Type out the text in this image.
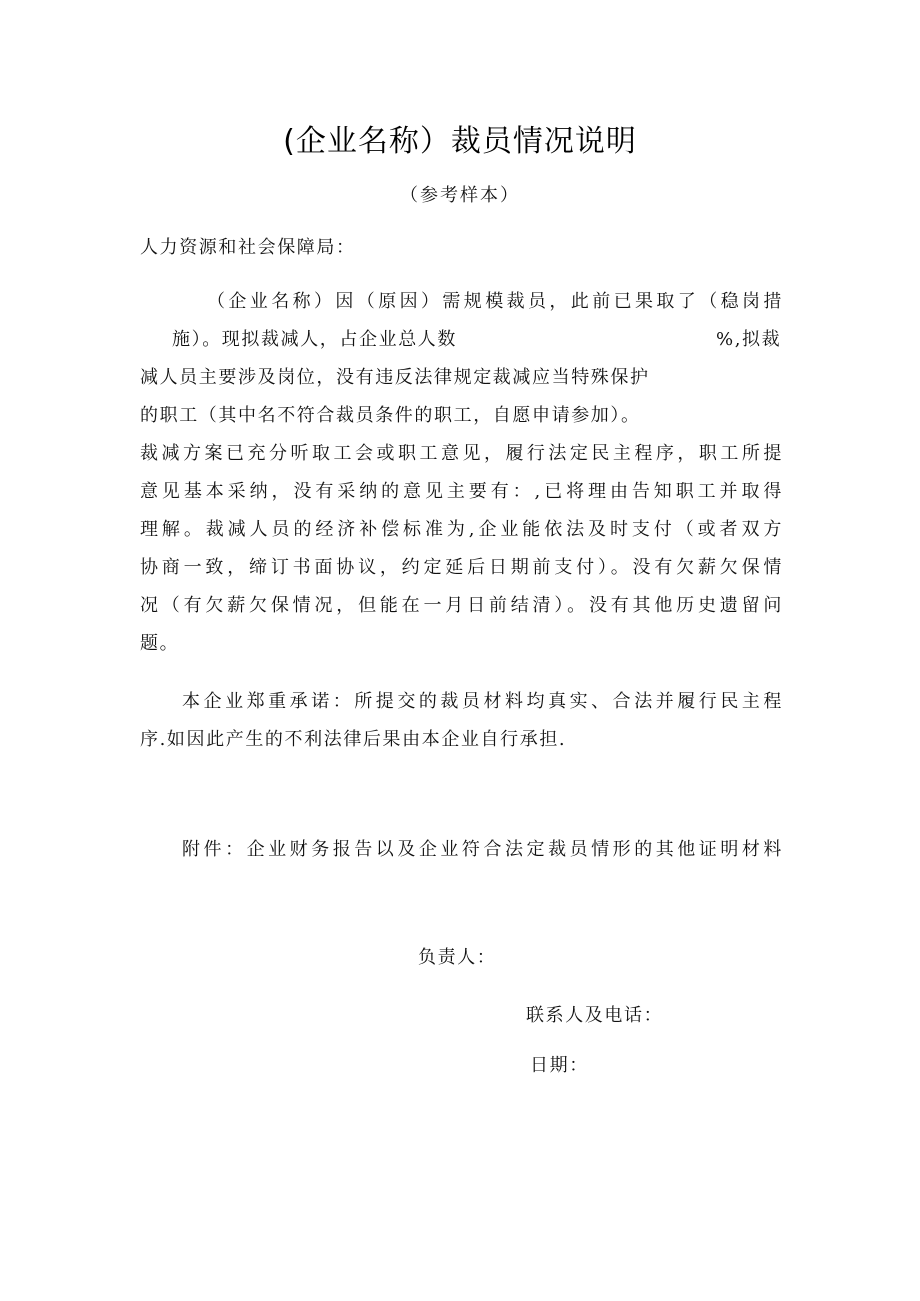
(企业名称）裁员情况说明
（参考样本）
人力资源和社会保障局：
（企业名称）因（原因）需规模裁员，此前已果取了（稳岗措
施）。现拟裁减人，占企业总人数	%,拟裁
减人员主要涉及岗位，没有违反法律规定裁减应当特殊保护
的职工（其中名不符合裁员条件的职工，自愿申请参加）。
裁减方案已充分听取工会或职工意见，履行法定民主程序，职工所提
意见基本采纳，没有采纳的意见主要有：,已将理由告知职工并取得
理解。裁减人员的经济补偿标准为,企业能依法及时支付（或者双方
协商一致，缔订书面协议，约定延后日期前支付）。没有欠薪欠保情
况（有欠薪欠保情况，但能在一月日前结清）。没有其他历史遗留问
题。
本企业郑重承诺：所提交的裁员材料均真实、合法并履行民主程
序.如因此产生的不利法律后果由本企业自行承担.
附件：企业财务报告以及企业符合法定裁员情形的其他证明材料
负责人：
联系人及电话：
日期：
